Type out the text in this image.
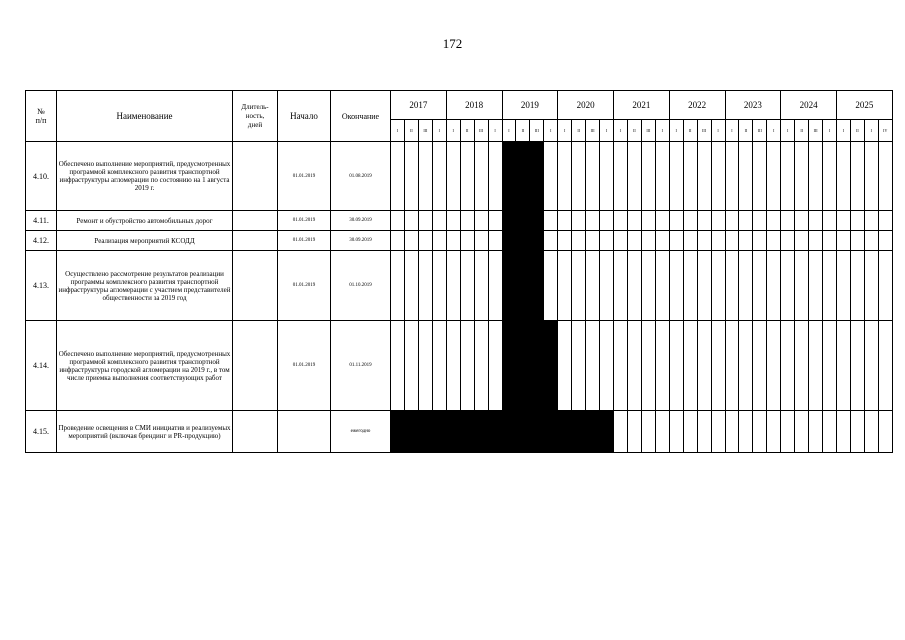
172
№
п/п	Наименование	Длитель-
ность,
дней	Начало	Окончание	2017				2018				2019				2020				2021				2022				2023				2024				2025			
					I	II	III	I	I	II	III	I	I	II	III	I	I	II	III	I	I	II	III	I	I	II	III	I	I	II	III	I	I	II	III	I	I	II	I	IV
4.10.	Обеспечено выполнение мероприятий, предусмотренных программой комплексного развития транспортной инфраструктуры агломерации по состоянию на 1 августа 2019 г.		01.01.2019	01.08.2019																																				
4.11.	Ремонт и обустройство автомобильных дорог		01.01.2019	30.09.2019																																				
4.12.	Реализация мероприятий КСОДД		01.01.2019	30.09.2019																																				
4.13.	Осуществлено рассмотрение результатов реализации программы комплексного развития транспортной инфраструктуры агломерации с участием представителей общественности за 2019 год		01.01.2019	01.10.2019																																				
4.14.	Обеспечено выполнение мероприятий, предусмотренных программой комплексного развития транспортной инфраструктуры городской агломерации на 2019 г., в том числе приемка выполнения соответствующих работ		01.01.2019	01.11.2019																																				
4.15.	Проведение освещения в СМИ инициатив и реализуемых мероприятий (включая брендинг и PR-продукцию)			ежегодно																																				
